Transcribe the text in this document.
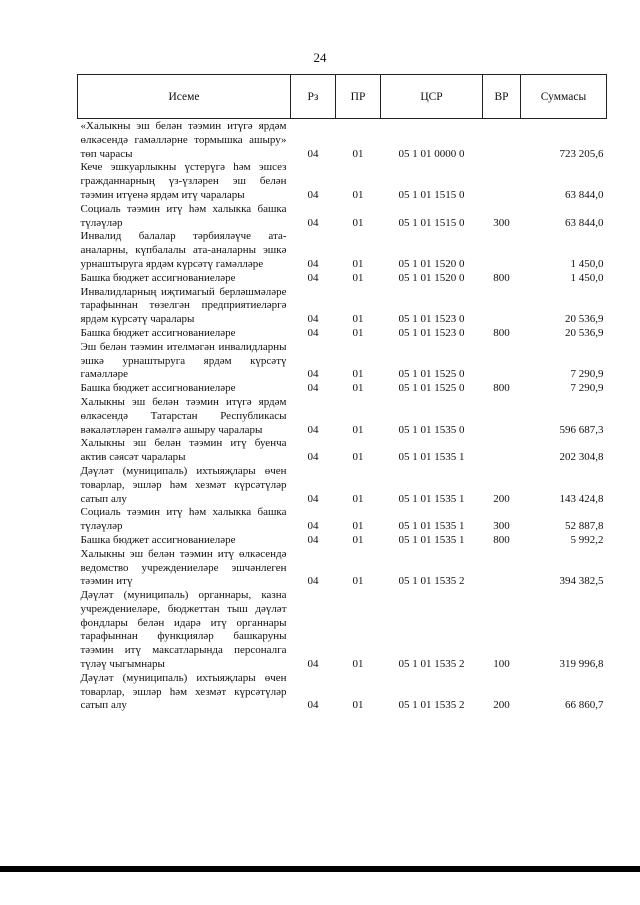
24
Исеме	Рз	ПР	ЦСР	ВР	Суммасы
«Халыкны эш белән тәэмин итүгә ярдәм өлкәсендә гамәлләрне тормышка ашыру» төп чарасы	04	01	05 1 01 0000 0		723 205,6
Кече эшкуарлыкны үстерүгә һәм эшсез гражданнарның үз-үзләрен эш белән тәэмин итүенә ярдәм итү чаралары	04	01	05 1 01 1515 0		63 844,0
Социаль тәэмин итү һәм халыкка башка түләүләр	04	01	05 1 01 1515 0	300	63 844,0
Инвалид балалар тәрбияләүче ата-аналарны, күпбалалы ата-аналарны эшкә урнаштыруга ярдәм күрсәтү гамәлләре	04	01	05 1 01 1520 0		1 450,0
Башка бюджет ассигнованиеләре	04	01	05 1 01 1520 0	800	1 450,0
Инвалидларның иҗтимагый берләшмәләре тарафыннан төзелгән предприятиеләргә ярдәм күрсәтү чаралары	04	01	05 1 01 1523 0		20 536,9
Башка бюджет ассигнованиеләре	04	01	05 1 01 1523 0	800	20 536,9
Эш белән тәэмин ителмәгән инвалидларны эшкә урнаштыруга ярдәм күрсәтү гамәлләре	04	01	05 1 01 1525 0		7 290,9
Башка бюджет ассигнованиеләре	04	01	05 1 01 1525 0	800	7 290,9
Халыкны эш белән тәэмин итүгә ярдәм өлкәсендә Татарстан Республикасы вәкаләтләрен гамәлгә ашыру чаралары	04	01	05 1 01 1535 0		596 687,3
Халыкны эш белән тәэмин итү буенча актив сәясәт чаралары	04	01	05 1 01 1535 1		202 304,8
Дәүләт (муниципаль) ихтыяҗлары өчен товарлар, эшләр һәм хезмәт күрсәтүләр сатып алу	04	01	05 1 01 1535 1	200	143 424,8
Социаль тәэмин итү һәм халыкка башка түләүләр	04	01	05 1 01 1535 1	300	52 887,8
Башка бюджет ассигнованиеләре	04	01	05 1 01 1535 1	800	5 992,2
Халыкны эш белән тәэмин итү өлкәсендә ведомство учреждениеләре эшчәнлеген тәэмин итү	04	01	05 1 01 1535 2		394 382,5
Дәүләт (муниципаль) органнары, казна учреждениеләре, бюджеттан тыш дәүләт фондлары белән идарә итү органнары тарафыннан функцияләр башкаруны тәэмин итү максатларында персоналга түләү чыгымнары	04	01	05 1 01 1535 2	100	319 996,8
Дәүләт (муниципаль) ихтыяҗлары өчен товарлар, эшләр һәм хезмәт күрсәтүләр сатып алу	04	01	05 1 01 1535 2	200	66 860,7
